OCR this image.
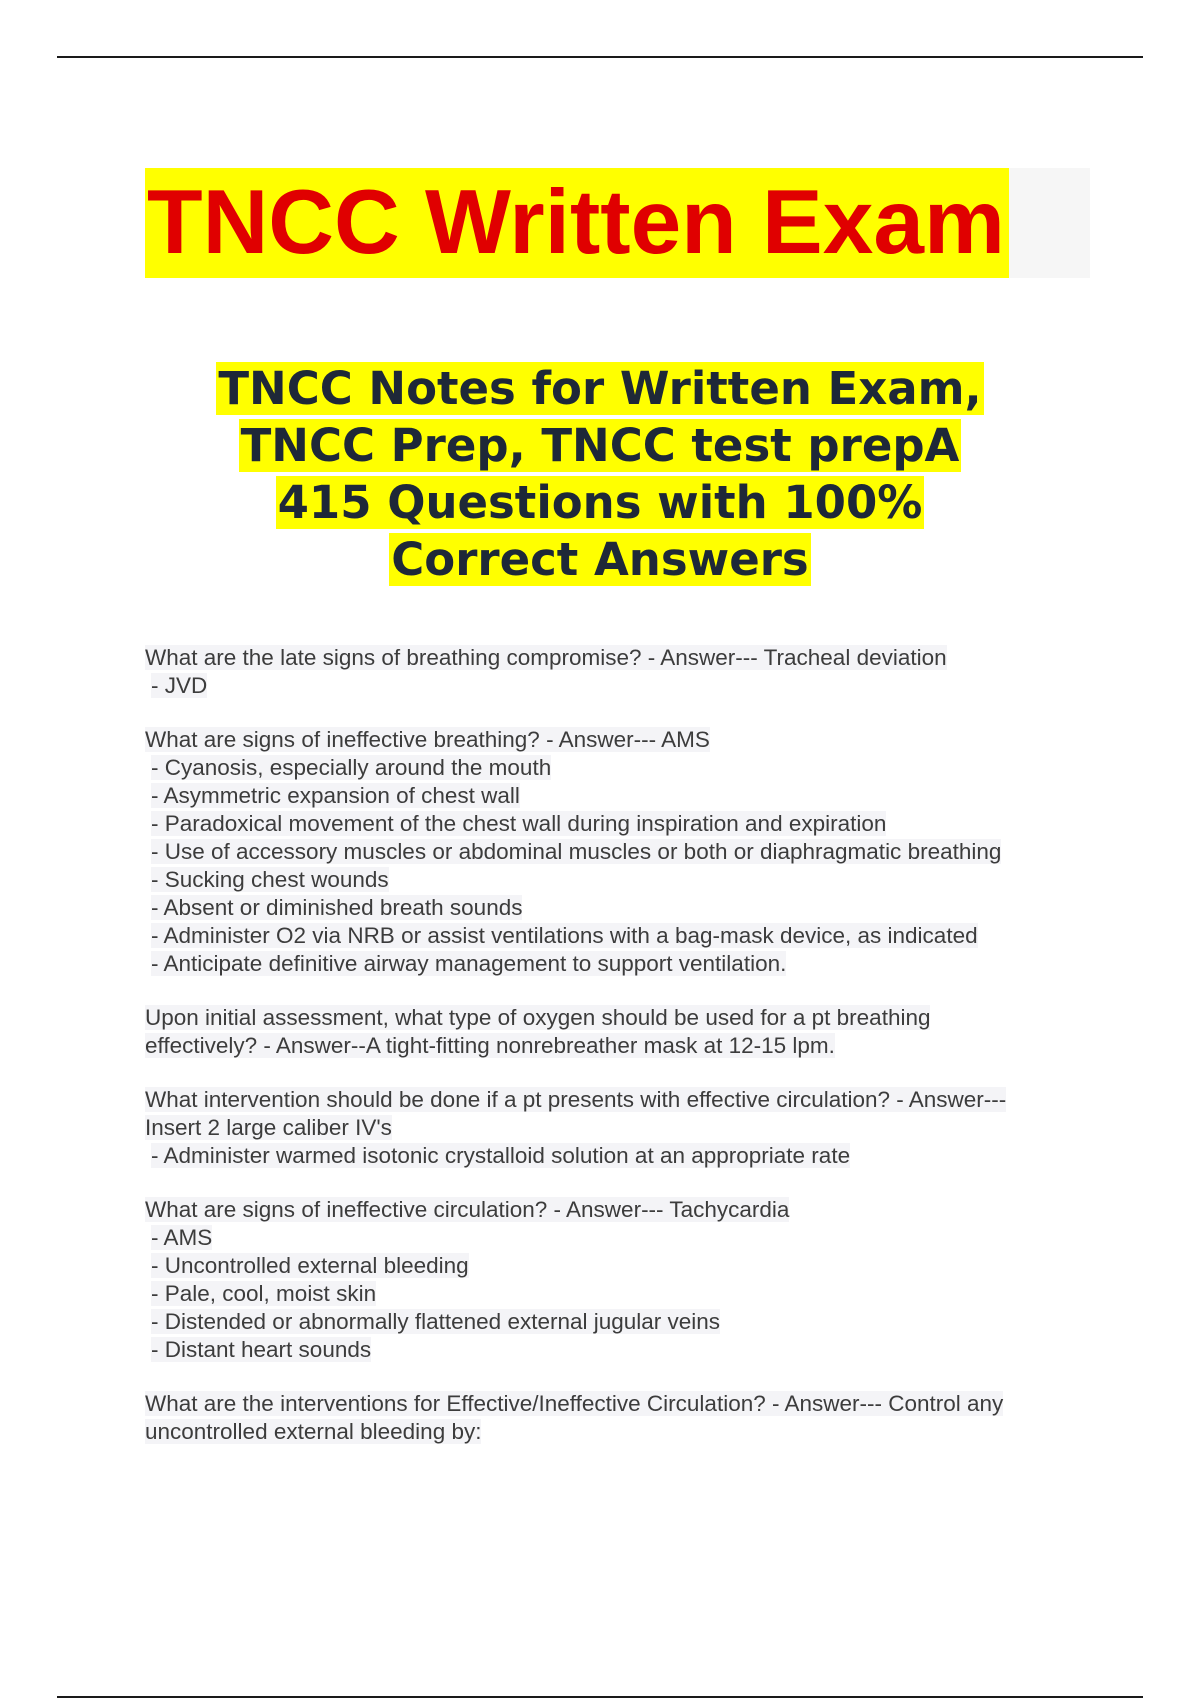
TNCC Written Exam
TNCC Notes for Written Exam,
TNCC Prep, TNCC test prepA
415 Questions with 100%
Correct Answers
What are the late signs of breathing compromise? - Answer--- Tracheal deviation
- JVD
What are signs of ineffective breathing? - Answer--- AMS
- Cyanosis, especially around the mouth
- Asymmetric expansion of chest wall
- Paradoxical movement of the chest wall during inspiration and expiration
- Use of accessory muscles or abdominal muscles or both or diaphragmatic breathing
- Sucking chest wounds
- Absent or diminished breath sounds
- Administer O2 via NRB or assist ventilations with a bag-mask device, as indicated
- Anticipate definitive airway management to support ventilation.
Upon initial assessment, what type of oxygen should be used for a pt breathing
effectively? - Answer--A tight-fitting nonrebreather mask at 12-15 lpm.
What intervention should be done if a pt presents with effective circulation? - Answer---
Insert 2 large caliber IV's
- Administer warmed isotonic crystalloid solution at an appropriate rate
What are signs of ineffective circulation? - Answer--- Tachycardia
- AMS
- Uncontrolled external bleeding
- Pale, cool, moist skin
- Distended or abnormally flattened external jugular veins
- Distant heart sounds
What are the interventions for Effective/Ineffective Circulation? - Answer--- Control any
uncontrolled external bleeding by:
